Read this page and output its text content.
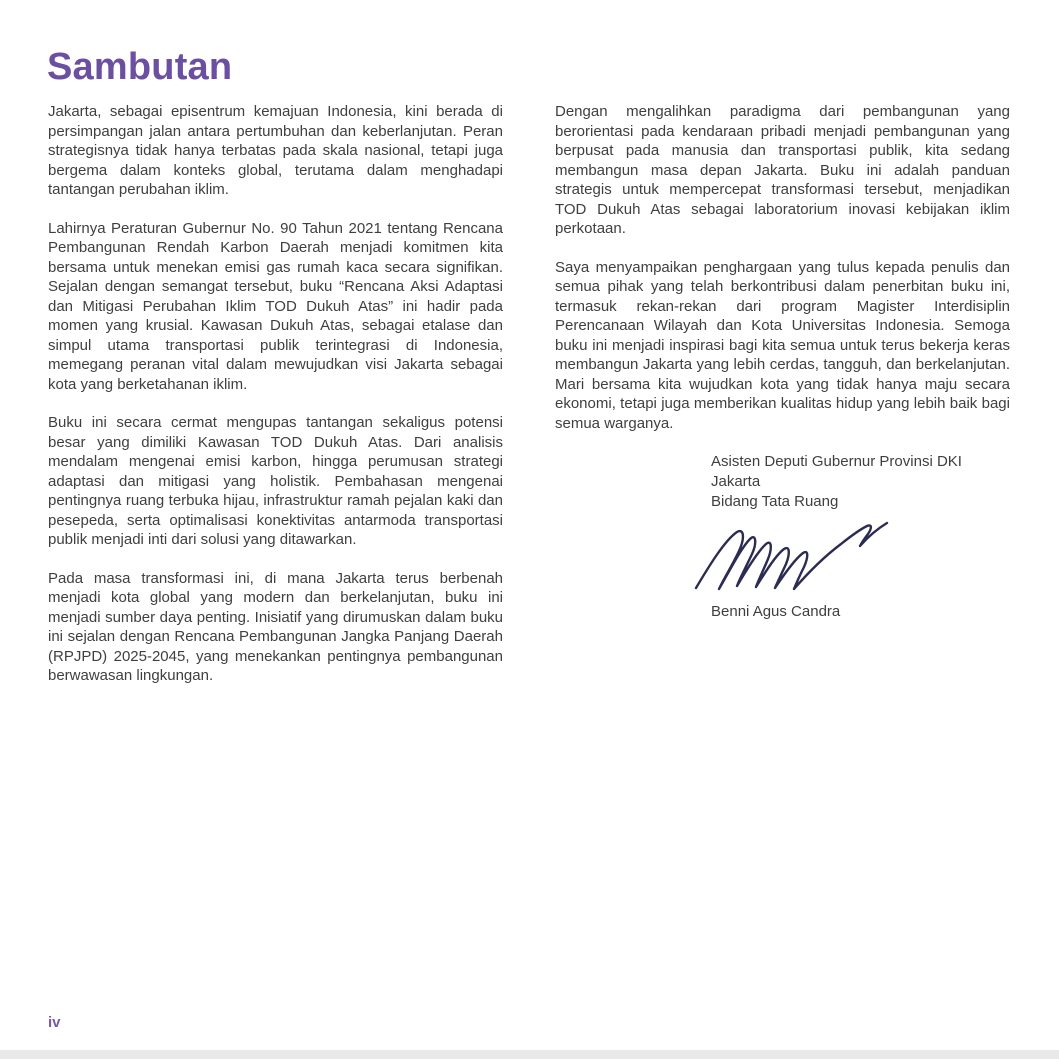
Sambutan

Jakarta, sebagai episentrum kemajuan Indonesia, kini berada di persimpangan jalan antara pertumbuhan dan keberlanjutan. Peran strategisnya tidak hanya terbatas pada skala nasional, tetapi juga bergema dalam konteks global, terutama dalam menghadapi tantangan perubahan iklim.

Lahirnya Peraturan Gubernur No. 90 Tahun 2021 tentang Rencana Pembangunan Rendah Karbon Daerah menjadi komitmen kita bersama untuk menekan emisi gas rumah kaca secara signifikan. Sejalan dengan semangat tersebut, buku “Rencana Aksi Adaptasi dan Mitigasi Perubahan Iklim TOD Dukuh Atas” ini hadir pada momen yang krusial. Kawasan Dukuh Atas, sebagai etalase dan simpul utama transportasi publik terintegrasi di Indonesia, memegang peranan vital dalam mewujudkan visi Jakarta sebagai kota yang berketahanan iklim.

Buku ini secara cermat mengupas tantangan sekaligus potensi besar yang dimiliki Kawasan TOD Dukuh Atas. Dari analisis mendalam mengenai emisi karbon, hingga perumusan strategi adaptasi dan mitigasi yang holistik. Pembahasan mengenai pentingnya ruang terbuka hijau, infrastruktur ramah pejalan kaki dan pesepeda, serta optimalisasi konektivitas antarmoda transportasi publik menjadi inti dari solusi yang ditawarkan.

Pada masa transformasi ini, di mana Jakarta terus berbenah menjadi kota global yang modern dan berkelanjutan, buku ini menjadi sumber daya penting. Inisiatif yang dirumuskan dalam buku ini sejalan dengan Rencana Pembangunan Jangka Panjang Daerah (RPJPD) 2025-2045, yang menekankan pentingnya pembangunan berwawasan lingkungan.

Dengan mengalihkan paradigma dari pembangunan yang berorientasi pada kendaraan pribadi menjadi pembangunan yang berpusat pada manusia dan transportasi publik, kita sedang membangun masa depan Jakarta. Buku ini adalah panduan strategis untuk mempercepat transformasi tersebut, menjadikan TOD Dukuh Atas sebagai laboratorium inovasi kebijakan iklim perkotaan.

Saya menyampaikan penghargaan yang tulus kepada penulis dan semua pihak yang telah berkontribusi dalam penerbitan buku ini, termasuk rekan-rekan dari program Magister Interdisiplin Perencanaan Wilayah dan Kota Universitas Indonesia. Semoga buku ini menjadi inspirasi bagi kita semua untuk terus bekerja keras membangun Jakarta yang lebih cerdas, tangguh, dan berkelanjutan. Mari bersama kita wujudkan kota yang tidak hanya maju secara ekonomi, tetapi juga memberikan kualitas hidup yang lebih baik bagi semua warganya.

Asisten Deputi Gubernur Provinsi DKI Jakarta
Bidang Tata Ruang
Benni Agus Candra
iv
